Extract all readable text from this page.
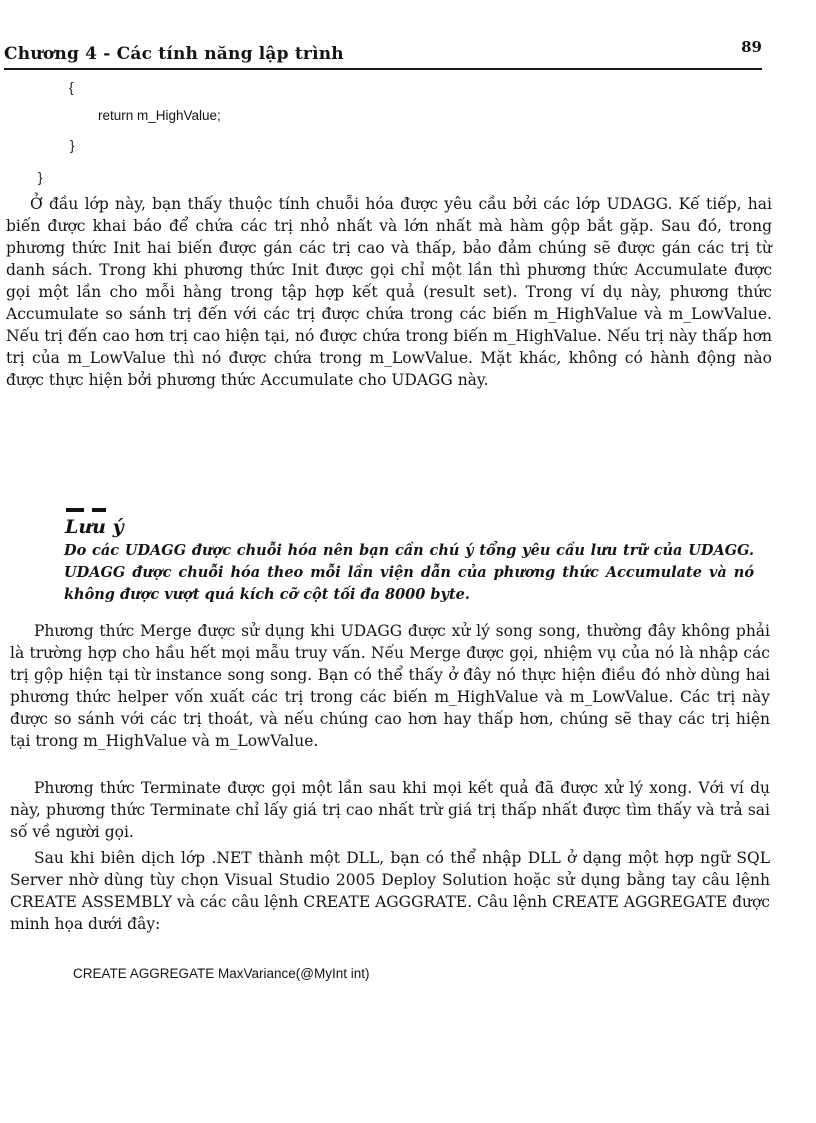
Chương 4 - Các tính năng lập trình	89
{
return m_HighValue;
}
}

Ở đầu lớp này, bạn thấy thuộc tính chuỗi hóa được yêu cầu bởi các lớp UDAGG. Kế tiếp, hai biến được khai báo để chứa các trị nhỏ nhất và lớn nhất mà hàm gộp bắt gặp. Sau đó, trong phương thức Init hai biến được gán các trị cao và thấp, bảo đảm chúng sẽ được gán các trị từ danh sách. Trong khi phương thức Init được gọi chỉ một lần thì phương thức Accumulate được gọi một lần cho mỗi hàng trong tập hợp kết quả (result set). Trong ví dụ này, phương thức Accumulate so sánh trị đến với các trị được chứa trong các biến m_HighValue và m_LowValue. Nếu trị đến cao hơn trị cao hiện tại, nó được chứa trong biến m_HighValue. Nếu trị này thấp hơn trị của m_LowValue thì nó được chứa trong m_LowValue. Mặt khác, không có hành động nào được thực hiện bởi phương thức Accumulate cho UDAGG này.

Lưu ý

Do các UDAGG được chuỗi hóa nên bạn cần chú ý tổng yêu cầu lưu trữ của UDAGG. UDAGG được chuỗi hóa theo mỗi lần viện dẫn của phương thức Accumulate và nó không được vượt quá kích cỡ cột tối đa 8000 byte.

Phương thức Merge được sử dụng khi UDAGG được xử lý song song, thường đây không phải là trường hợp cho hầu hết mọi mẫu truy vấn. Nếu Merge được gọi, nhiệm vụ của nó là nhập các trị gộp hiện tại từ instance song song. Bạn có thể thấy ở đây nó thực hiện điều đó nhờ dùng hai phương thức helper vốn xuất các trị trong các biến m_HighValue và m_LowValue. Các trị này được so sánh với các trị thoát, và nếu chúng cao hơn hay thấp hơn, chúng sẽ thay các trị hiện tại trong m_HighValue và m_LowValue.

Phương thức Terminate được gọi một lần sau khi mọi kết quả đã được xử lý xong. Với ví dụ này, phương thức Terminate chỉ lấy giá trị cao nhất trừ giá trị thấp nhất được tìm thấy và trả sai số về người gọi.

Sau khi biên dịch lớp .NET thành một DLL, bạn có thể nhập DLL ở dạng một hợp ngữ SQL Server nhờ dùng tùy chọn Visual Studio 2005 Deploy Solution hoặc sử dụng bằng tay câu lệnh CREATE ASSEMBLY và các câu lệnh CREATE AGGGRATE. Câu lệnh CREATE AGGREGATE được minh họa dưới đây:

CREATE AGGREGATE MaxVariance(@MyInt int)
